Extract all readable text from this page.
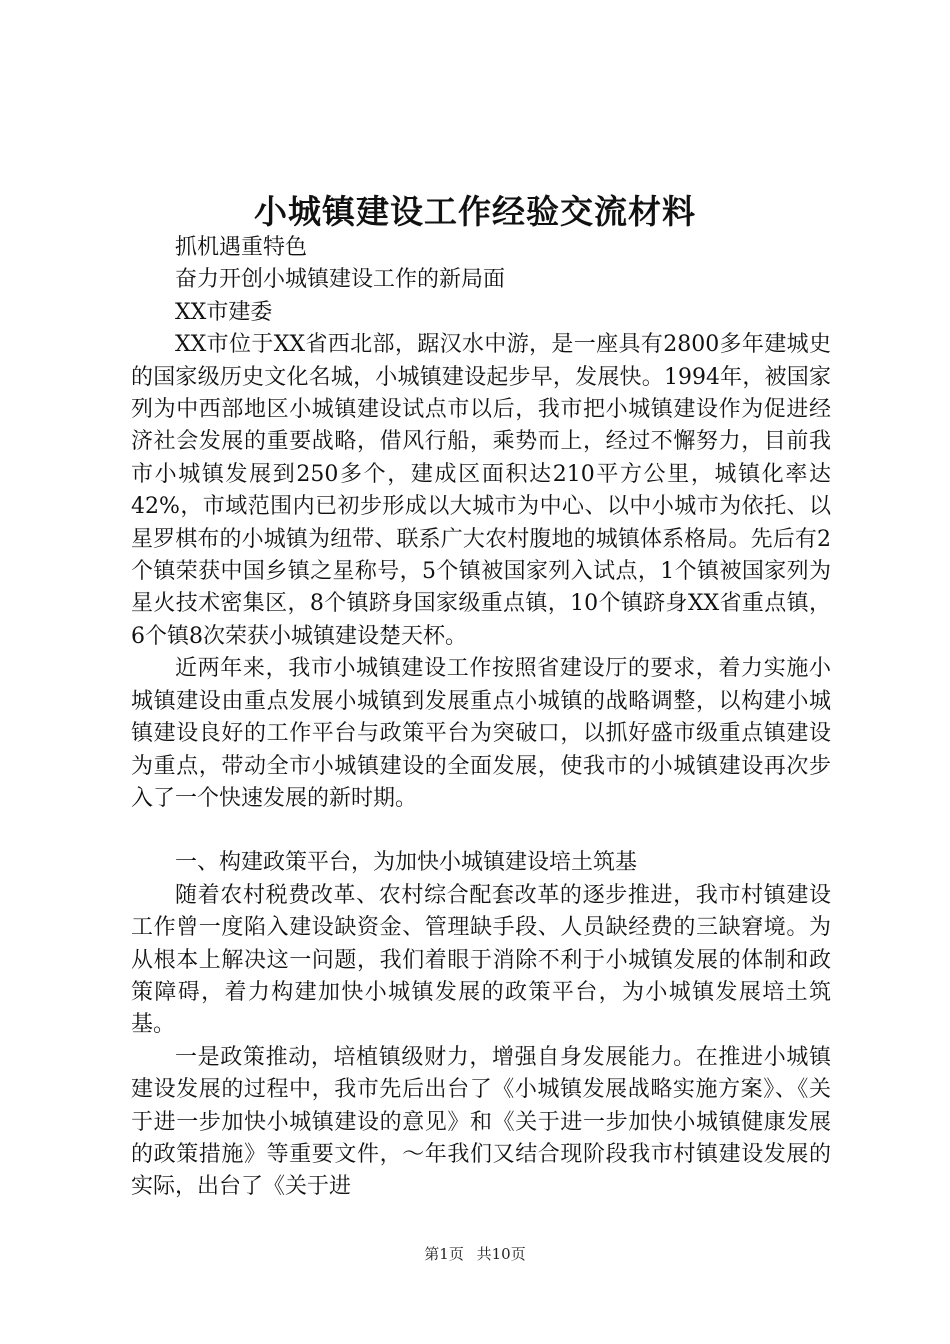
小城镇建设工作经验交流材料

抓机遇重特色

奋力开创小城镇建设工作的新局面

XX市建委

XX市位于XX省西北部，踞汉水中游，是一座具有2800多年建城史的国家级历史文化名城，小城镇建设起步早，发展快。1994年，被国家列为中西部地区小城镇建设试点市以后，我市把小城镇建设作为促进经济社会发展的重要战略，借风行船，乘势而上，经过不懈努力，目前我市小城镇发展到250多个，建成区面积达210平方公里，城镇化率达42%，市域范围内已初步形成以大城市为中心、以中小城市为依托、以星罗棋布的小城镇为纽带、联系广大农村腹地的城镇体系格局。先后有2个镇荣获中国乡镇之星称号，5个镇被国家列入试点，1个镇被国家列为星火技术密集区，8个镇跻身国家级重点镇，10个镇跻身XX省重点镇，6个镇8次荣获小城镇建设楚天杯。

近两年来，我市小城镇建设工作按照省建设厅的要求，着力实施小城镇建设由重点发展小城镇到发展重点小城镇的战略调整，以构建小城镇建设良好的工作平台与政策平台为突破口，以抓好盛市级重点镇建设为重点，带动全市小城镇建设的全面发展，使我市的小城镇建设再次步入了一个快速发展的新时期。

一、构建政策平台，为加快小城镇建设培土筑基

随着农村税费改革、农村综合配套改革的逐步推进，我市村镇建设工作曾一度陷入建设缺资金、管理缺手段、人员缺经费的三缺窘境。为从根本上解决这一问题，我们着眼于消除不利于小城镇发展的体制和政策障碍，着力构建加快小城镇发展的政策平台，为小城镇发展培土筑基。

一是政策推动，培植镇级财力，增强自身发展能力。在推进小城镇建设发展的过程中，我市先后出台了《小城镇发展战略实施方案》、《关于进一步加快小城镇建设的意见》和《关于进一步加快小城镇健康发展的政策措施》等重要文件，～年我们又结合现阶段我市村镇建设发展的实际，出台了《关于进

第1页 共10页
